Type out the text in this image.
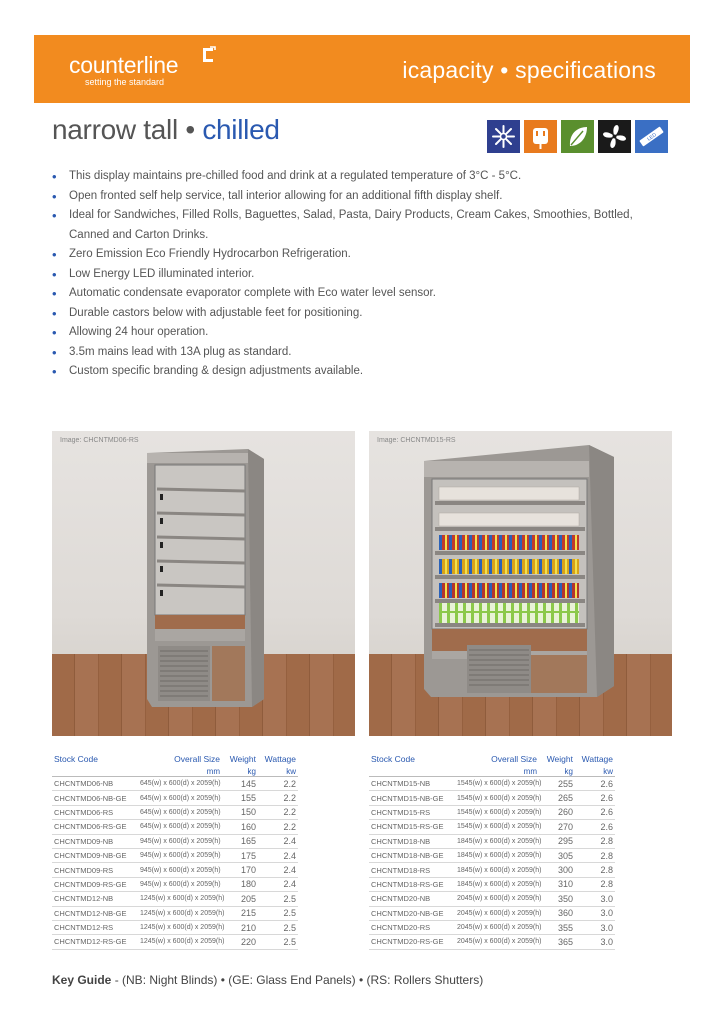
counterline
setting the standard	icapacity • specifications
narrow tall • chilled	LED
• This display maintains pre-chilled food and drink at a regulated temperature of 3°C - 5°C.
• Open fronted self help service, tall interior allowing for an additional fifth display shelf.
• Ideal for Sandwiches, Filled Rolls, Baguettes, Salad, Pasta, Dairy Products, Cream Cakes, Smoothies, Bottled, Canned and Carton Drinks.
• Zero Emission Eco Friendly Hydrocarbon Refrigeration.
• Low Energy LED illuminated interior.
• Automatic condensate evaporator complete with Eco water level sensor.
• Durable castors below with adjustable feet for positioning.
• Allowing 24 hour operation.
• 3.5m mains lead with 13A plug as standard.
• Custom specific branding & design adjustments available.
Image: CHCNTMD06-RS	Image: CHCNTMD15-RS
Stock Code	Overall Size	Weight	Wattage
	mm	kg	kw
CHCNTMD06-NB	645(w) x 600(d) x 2059(h)	145	2.2
CHCNTMD06-NB-GE	645(w) x 600(d) x 2059(h)	155	2.2
CHCNTMD06-RS	645(w) x 600(d) x 2059(h)	150	2.2
CHCNTMD06-RS-GE	645(w) x 600(d) x 2059(h)	160	2.2
CHCNTMD09-NB	945(w) x 600(d) x 2059(h)	165	2.4
CHCNTMD09-NB-GE	945(w) x 600(d) x 2059(h)	175	2.4
CHCNTMD09-RS	945(w) x 600(d) x 2059(h)	170	2.4
CHCNTMD09-RS-GE	945(w) x 600(d) x 2059(h)	180	2.4
CHCNTMD12-NB	1245(w) x 600(d) x 2059(h)	205	2.5
CHCNTMD12-NB-GE	1245(w) x 600(d) x 2059(h)	215	2.5
CHCNTMD12-RS	1245(w) x 600(d) x 2059(h)	210	2.5
CHCNTMD12-RS-GE	1245(w) x 600(d) x 2059(h)	220	2.5
Stock Code	Overall Size	Weight	Wattage
	mm	kg	kw
CHCNTMD15-NB	1545(w) x 600(d) x 2059(h)	255	2.6
CHCNTMD15-NB-GE	1545(w) x 600(d) x 2059(h)	265	2.6
CHCNTMD15-RS	1545(w) x 600(d) x 2059(h)	260	2.6
CHCNTMD15-RS-GE	1545(w) x 600(d) x 2059(h)	270	2.6
CHCNTMD18-NB	1845(w) x 600(d) x 2059(h)	295	2.8
CHCNTMD18-NB-GE	1845(w) x 600(d) x 2059(h)	305	2.8
CHCNTMD18-RS	1845(w) x 600(d) x 2059(h)	300	2.8
CHCNTMD18-RS-GE	1845(w) x 600(d) x 2059(h)	310	2.8
CHCNTMD20-NB	2045(w) x 600(d) x 2059(h)	350	3.0
CHCNTMD20-NB-GE	2045(w) x 600(d) x 2059(h)	360	3.0
CHCNTMD20-RS	2045(w) x 600(d) x 2059(h)	355	3.0
CHCNTMD20-RS-GE	2045(w) x 600(d) x 2059(h)	365	3.0
Key Guide - (NB: Night Blinds) • (GE: Glass End Panels) • (RS: Rollers Shutters)
